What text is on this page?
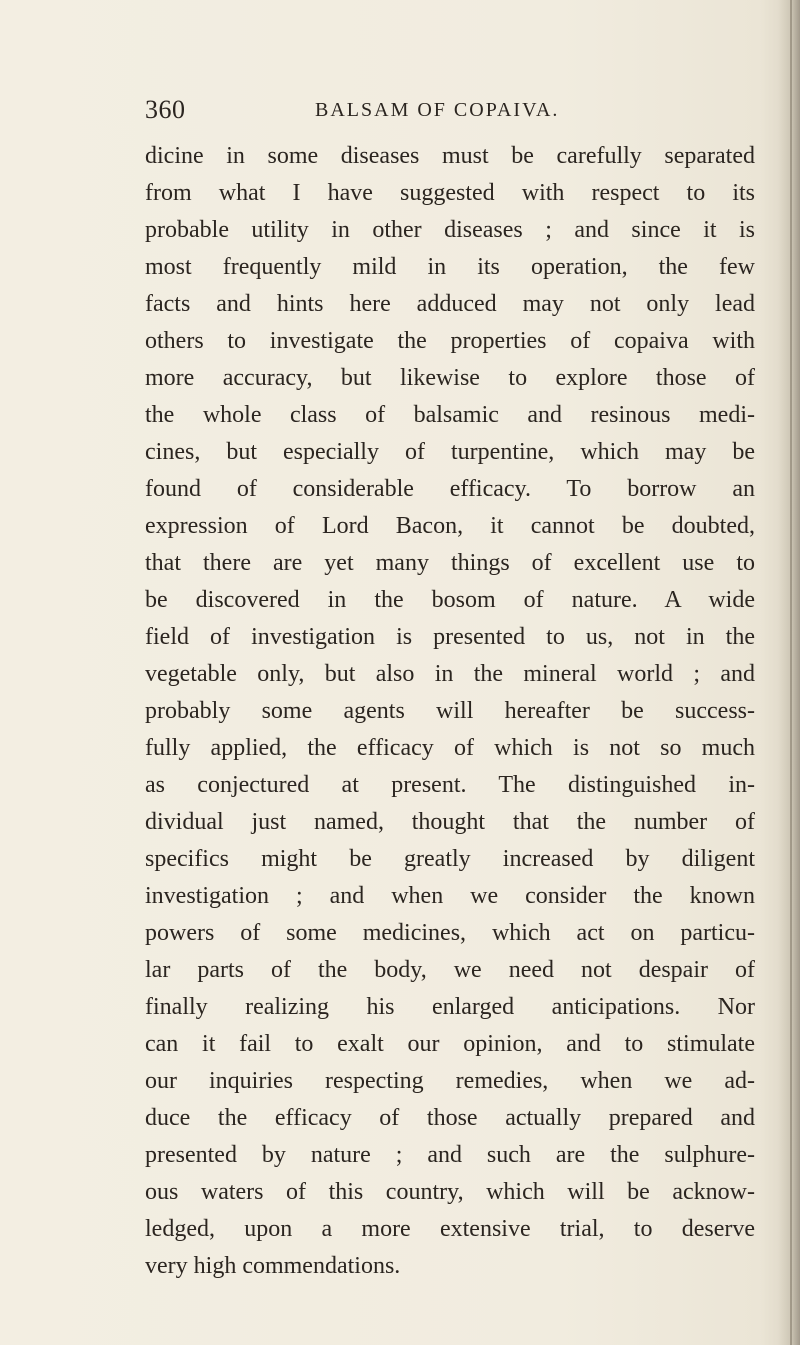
360	BALSAM OF COPAIVA.
dicine in some diseases must be carefully separated
from what I have suggested with respect to its
probable utility in other diseases ; and since it is
most frequently mild in its operation, the few
facts and hints here adduced may not only lead
others to investigate the properties of copaiva with
more accuracy, but likewise to explore those of
the whole class of balsamic and resinous medi-
cines, but especially of turpentine, which may be
found of considerable efficacy. To borrow an
expression of Lord Bacon, it cannot be doubted,
that there are yet many things of excellent use to
be discovered in the bosom of nature. A wide
field of investigation is presented to us, not in the
vegetable only, but also in the mineral world ; and
probably some agents will hereafter be success-
fully applied, the efficacy of which is not so much
as conjectured at present. The distinguished in-
dividual just named, thought that the number of
specifics might be greatly increased by diligent
investigation ; and when we consider the known
powers of some medicines, which act on particu-
lar parts of the body, we need not despair of
finally realizing his enlarged anticipations. Nor
can it fail to exalt our opinion, and to stimulate
our inquiries respecting remedies, when we ad-
duce the efficacy of those actually prepared and
presented by nature ; and such are the sulphure-
ous waters of this country, which will be acknow-
ledged, upon a more extensive trial, to deserve
very high commendations.
